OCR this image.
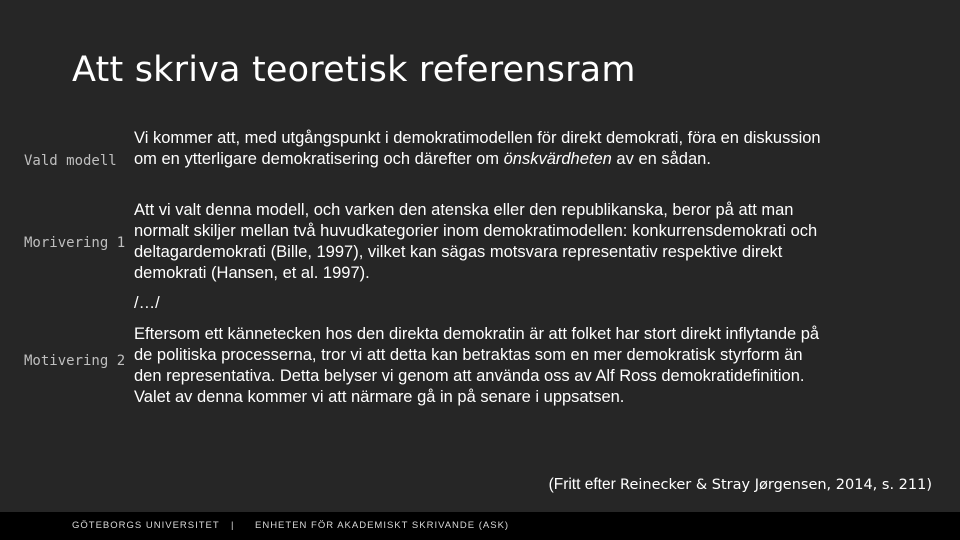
Att skriva teoretisk referensram
Vald modell
Vi kommer att, med utgångspunkt i demokratimodellen för direkt demokrati, föra en diskussion om en ytterligare demokratisering och därefter om önskvärdheten av en sådan.
Morivering 1
Att vi valt denna modell, och varken den atenska eller den republikanska, beror på att man normalt skiljer mellan två huvudkategorier inom demokratimodellen: konkurrensdemokrati och deltagardemokrati (Bille, 1997), vilket kan sägas motsvara representativ respektive direkt demokrati (Hansen, et al. 1997).
/…/
Motivering 2
Eftersom ett kännetecken hos den direkta demokratin är att folket har stort direkt inflytande på de politiska processerna, tror vi att detta kan betraktas som en mer demokratisk styrform än den representativa. Detta belyser vi genom att använda oss av Alf Ross demokratidefinition. Valet av denna kommer vi att närmare gå in på senare i uppsatsen.
(Fritt efter Reinecker & Stray Jørgensen, 2014, s. 211)
GÖTEBORGS UNIVERSITET | ENHETEN FÖR AKADEMISKT SKRIVANDE (ASK)
